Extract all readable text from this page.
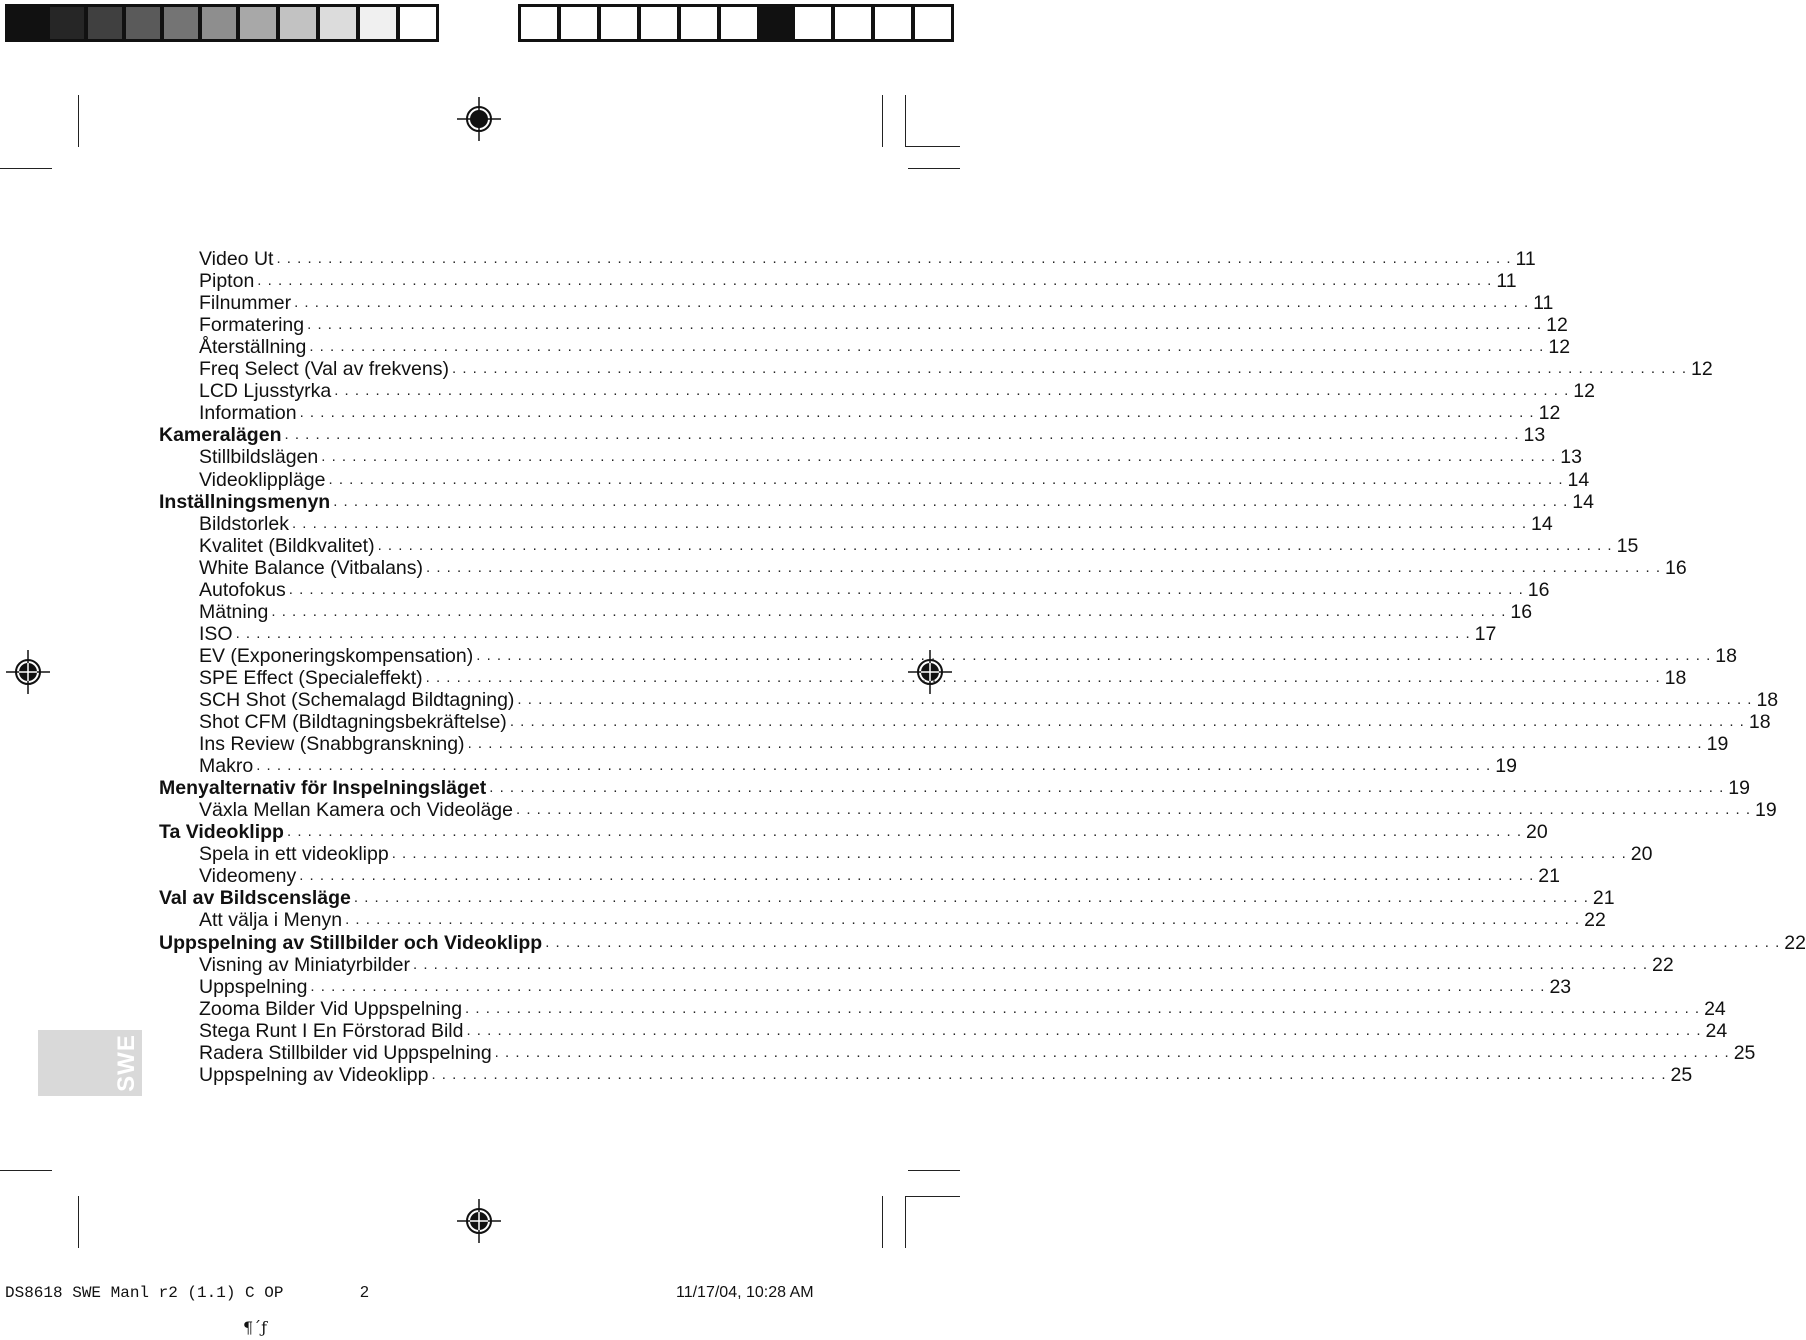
Video Ut . . . . . . . . . . . . . . . . . . . . . . . . . . . . . . . . . . . . . . . . . . . . . . . . . . . . . . . . . . . . . . . . . . . . . . . . . . . . . . . . . . . . . . . . . . . . . . . . . . . . . . . . . . . . . . . . . . . . . . . . 11
Pipton . . . . . . . . . . . . . . . . . . . . . . . . . . . . . . . . . . . . . . . . . . . . . . . . . . . . . . . . . . . . . . . . . . . . . . . . . . . . . . . . . . . . . . . . . . . . . . . . . . . . . . . . . . . . . . . . . . . . . . . . 11
Filnummer . . . . . . . . . . . . . . . . . . . . . . . . . . . . . . . . . . . . . . . . . . . . . . . . . . . . . . . . . . . . . . . . . . . . . . . . . . . . . . . . . . . . . . . . . . . . . . . . . . . . . . . . . . . . . . . . . . . . . . . . 11
Formatering . . . . . . . . . . . . . . . . . . . . . . . . . . . . . . . . . . . . . . . . . . . . . . . . . . . . . . . . . . . . . . . . . . . . . . . . . . . . . . . . . . . . . . . . . . . . . . . . . . . . . . . . . . . . . . . . . . . . . . . . 12
Återställning . . . . . . . . . . . . . . . . . . . . . . . . . . . . . . . . . . . . . . . . . . . . . . . . . . . . . . . . . . . . . . . . . . . . . . . . . . . . . . . . . . . . . . . . . . . . . . . . . . . . . . . . . . . . . . . . . . . . . . . . 12
Freq Select (Val av frekvens) . . . . . . . . . . . . . . . . . . . . . . . . . . . . . . . . . . . . . . . . . . . . . . . . . . . . . . . . . . . . . . . . . . . . . . . . . . . . . . . . . . . . . . . . . . . . . . . . . . . . . . . . . . . . . . . . . . . . . . . . 12
LCD Ljusstyrka . . . . . . . . . . . . . . . . . . . . . . . . . . . . . . . . . . . . . . . . . . . . . . . . . . . . . . . . . . . . . . . . . . . . . . . . . . . . . . . . . . . . . . . . . . . . . . . . . . . . . . . . . . . . . . . . . . . . . . . . 12
Information . . . . . . . . . . . . . . . . . . . . . . . . . . . . . . . . . . . . . . . . . . . . . . . . . . . . . . . . . . . . . . . . . . . . . . . . . . . . . . . . . . . . . . . . . . . . . . . . . . . . . . . . . . . . . . . . . . . . . . . . 12
Kameralägen . . . . . . . . . . . . . . . . . . . . . . . . . . . . . . . . . . . . . . . . . . . . . . . . . . . . . . . . . . . . . . . . . . . . . . . . . . . . . . . . . . . . . . . . . . . . . . . . . . . . . . . . . . . . . . . . . . . . . . . . 13
Stillbildslägen . . . . . . . . . . . . . . . . . . . . . . . . . . . . . . . . . . . . . . . . . . . . . . . . . . . . . . . . . . . . . . . . . . . . . . . . . . . . . . . . . . . . . . . . . . . . . . . . . . . . . . . . . . . . . . . . . . . . . . . . 13
Videoklippläge . . . . . . . . . . . . . . . . . . . . . . . . . . . . . . . . . . . . . . . . . . . . . . . . . . . . . . . . . . . . . . . . . . . . . . . . . . . . . . . . . . . . . . . . . . . . . . . . . . . . . . . . . . . . . . . . . . . . . . . . 14
Inställningsmenyn . . . . . . . . . . . . . . . . . . . . . . . . . . . . . . . . . . . . . . . . . . . . . . . . . . . . . . . . . . . . . . . . . . . . . . . . . . . . . . . . . . . . . . . . . . . . . . . . . . . . . . . . . . . . . . . . . . . . . . . . 14
Bildstorlek . . . . . . . . . . . . . . . . . . . . . . . . . . . . . . . . . . . . . . . . . . . . . . . . . . . . . . . . . . . . . . . . . . . . . . . . . . . . . . . . . . . . . . . . . . . . . . . . . . . . . . . . . . . . . . . . . . . . . . . . 14
Kvalitet (Bildkvalitet) . . . . . . . . . . . . . . . . . . . . . . . . . . . . . . . . . . . . . . . . . . . . . . . . . . . . . . . . . . . . . . . . . . . . . . . . . . . . . . . . . . . . . . . . . . . . . . . . . . . . . . . . . . . . . . . . . . . . . . . . 15
White Balance (Vitbalans) . . . . . . . . . . . . . . . . . . . . . . . . . . . . . . . . . . . . . . . . . . . . . . . . . . . . . . . . . . . . . . . . . . . . . . . . . . . . . . . . . . . . . . . . . . . . . . . . . . . . . . . . . . . . . . . . . . . . . . . . 16
Autofokus . . . . . . . . . . . . . . . . . . . . . . . . . . . . . . . . . . . . . . . . . . . . . . . . . . . . . . . . . . . . . . . . . . . . . . . . . . . . . . . . . . . . . . . . . . . . . . . . . . . . . . . . . . . . . . . . . . . . . . . . 16
Mätning . . . . . . . . . . . . . . . . . . . . . . . . . . . . . . . . . . . . . . . . . . . . . . . . . . . . . . . . . . . . . . . . . . . . . . . . . . . . . . . . . . . . . . . . . . . . . . . . . . . . . . . . . . . . . . . . . . . . . . . . 16
ISO . . . . . . . . . . . . . . . . . . . . . . . . . . . . . . . . . . . . . . . . . . . . . . . . . . . . . . . . . . . . . . . . . . . . . . . . . . . . . . . . . . . . . . . . . . . . . . . . . . . . . . . . . . . . . . . . . . . . . . . . 17
EV (Exponeringskompensation) . . . . . . . . . . . . . . . . . . . . . . . . . . . . . . . . . . . . . . . . . . . . . . . . . . . . . . . . . . . . . . . . . . . . . . . . . . . . . . . . . . . . . . . . . . . . . . . . . . . . . . . . . . . . . . . . . . . . . . . . 18
SPE Effect (Specialeffekt) . . . . . . . . . . . . . . . . . . . . . . . . . . . . . . . . . . . . . . . . . . . . . . . . . . . . . . . . . . . . . . . . . . . . . . . . . . . . . . . . . . . . . . . . . . . . . . . . . . . . . . . . . . . . . . . . . . . . . . . . 18
SCH Shot (Schemalagd Bildtagning) . . . . . . . . . . . . . . . . . . . . . . . . . . . . . . . . . . . . . . . . . . . . . . . . . . . . . . . . . . . . . . . . . . . . . . . . . . . . . . . . . . . . . . . . . . . . . . . . . . . . . . . . . . . . . . . . . . . . . . . . 18
Shot CFM (Bildtagningsbekräftelse) . . . . . . . . . . . . . . . . . . . . . . . . . . . . . . . . . . . . . . . . . . . . . . . . . . . . . . . . . . . . . . . . . . . . . . . . . . . . . . . . . . . . . . . . . . . . . . . . . . . . . . . . . . . . . . . . . . . . . . . . 18
Ins Review (Snabbgranskning) . . . . . . . . . . . . . . . . . . . . . . . . . . . . . . . . . . . . . . . . . . . . . . . . . . . . . . . . . . . . . . . . . . . . . . . . . . . . . . . . . . . . . . . . . . . . . . . . . . . . . . . . . . . . . . . . . . . . . . . . 19
Makro . . . . . . . . . . . . . . . . . . . . . . . . . . . . . . . . . . . . . . . . . . . . . . . . . . . . . . . . . . . . . . . . . . . . . . . . . . . . . . . . . . . . . . . . . . . . . . . . . . . . . . . . . . . . . . . . . . . . . . . . 19
Menyalternativ för Inspelningsläget . . . . . . . . . . . . . . . . . . . . . . . . . . . . . . . . . . . . . . . . . . . . . . . . . . . . . . . . . . . . . . . . . . . . . . . . . . . . . . . . . . . . . . . . . . . . . . . . . . . . . . . . . . . . . . . . . . . . . . . . 19
Växla Mellan Kamera och Videoläge . . . . . . . . . . . . . . . . . . . . . . . . . . . . . . . . . . . . . . . . . . . . . . . . . . . . . . . . . . . . . . . . . . . . . . . . . . . . . . . . . . . . . . . . . . . . . . . . . . . . . . . . . . . . . . . . . . . . . . . . 19
Ta Videoklipp . . . . . . . . . . . . . . . . . . . . . . . . . . . . . . . . . . . . . . . . . . . . . . . . . . . . . . . . . . . . . . . . . . . . . . . . . . . . . . . . . . . . . . . . . . . . . . . . . . . . . . . . . . . . . . . . . . . . . . . . 20
Spela in ett videoklipp . . . . . . . . . . . . . . . . . . . . . . . . . . . . . . . . . . . . . . . . . . . . . . . . . . . . . . . . . . . . . . . . . . . . . . . . . . . . . . . . . . . . . . . . . . . . . . . . . . . . . . . . . . . . . . . . . . . . . . . . 20
Videomeny . . . . . . . . . . . . . . . . . . . . . . . . . . . . . . . . . . . . . . . . . . . . . . . . . . . . . . . . . . . . . . . . . . . . . . . . . . . . . . . . . . . . . . . . . . . . . . . . . . . . . . . . . . . . . . . . . . . . . . . . 21
Val av Bildscensläge . . . . . . . . . . . . . . . . . . . . . . . . . . . . . . . . . . . . . . . . . . . . . . . . . . . . . . . . . . . . . . . . . . . . . . . . . . . . . . . . . . . . . . . . . . . . . . . . . . . . . . . . . . . . . . . . . . . . . . . . 21
Att välja i Menyn . . . . . . . . . . . . . . . . . . . . . . . . . . . . . . . . . . . . . . . . . . . . . . . . . . . . . . . . . . . . . . . . . . . . . . . . . . . . . . . . . . . . . . . . . . . . . . . . . . . . . . . . . . . . . . . . . . . . . . . . 22
Uppspelning av Stillbilder och Videoklipp . . . . . . . . . . . . . . . . . . . . . . . . . . . . . . . . . . . . . . . . . . . . . . . . . . . . . . . . . . . . . . . . . . . . . . . . . . . . . . . . . . . . . . . . . . . . . . . . . . . . . . . . . . . . . . . . . . . . . . . . 22
Visning av Miniatyrbilder . . . . . . . . . . . . . . . . . . . . . . . . . . . . . . . . . . . . . . . . . . . . . . . . . . . . . . . . . . . . . . . . . . . . . . . . . . . . . . . . . . . . . . . . . . . . . . . . . . . . . . . . . . . . . . . . . . . . . . . . 22
Uppspelning . . . . . . . . . . . . . . . . . . . . . . . . . . . . . . . . . . . . . . . . . . . . . . . . . . . . . . . . . . . . . . . . . . . . . . . . . . . . . . . . . . . . . . . . . . . . . . . . . . . . . . . . . . . . . . . . . . . . . . . . 23
Zooma Bilder Vid Uppspelning . . . . . . . . . . . . . . . . . . . . . . . . . . . . . . . . . . . . . . . . . . . . . . . . . . . . . . . . . . . . . . . . . . . . . . . . . . . . . . . . . . . . . . . . . . . . . . . . . . . . . . . . . . . . . . . . . . . . . . . . 24
Stega Runt I En Förstorad Bild . . . . . . . . . . . . . . . . . . . . . . . . . . . . . . . . . . . . . . . . . . . . . . . . . . . . . . . . . . . . . . . . . . . . . . . . . . . . . . . . . . . . . . . . . . . . . . . . . . . . . . . . . . . . . . . . . . . . . . . . 24
Radera Stillbilder vid Uppspelning . . . . . . . . . . . . . . . . . . . . . . . . . . . . . . . . . . . . . . . . . . . . . . . . . . . . . . . . . . . . . . . . . . . . . . . . . . . . . . . . . . . . . . . . . . . . . . . . . . . . . . . . . . . . . . . . . . . . . . . . 25
Uppspelning av Videoklipp . . . . . . . . . . . . . . . . . . . . . . . . . . . . . . . . . . . . . . . . . . . . . . . . . . . . . . . . . . . . . . . . . . . . . . . . . . . . . . . . . . . . . . . . . . . . . . . . . . . . . . . . . . . . . . . . . . . . . . . . 25
SWE
DS8618 SWE Manl r2 (1.1) C OP	2	11/17/04, 10:28 AM
¶´ƒ
